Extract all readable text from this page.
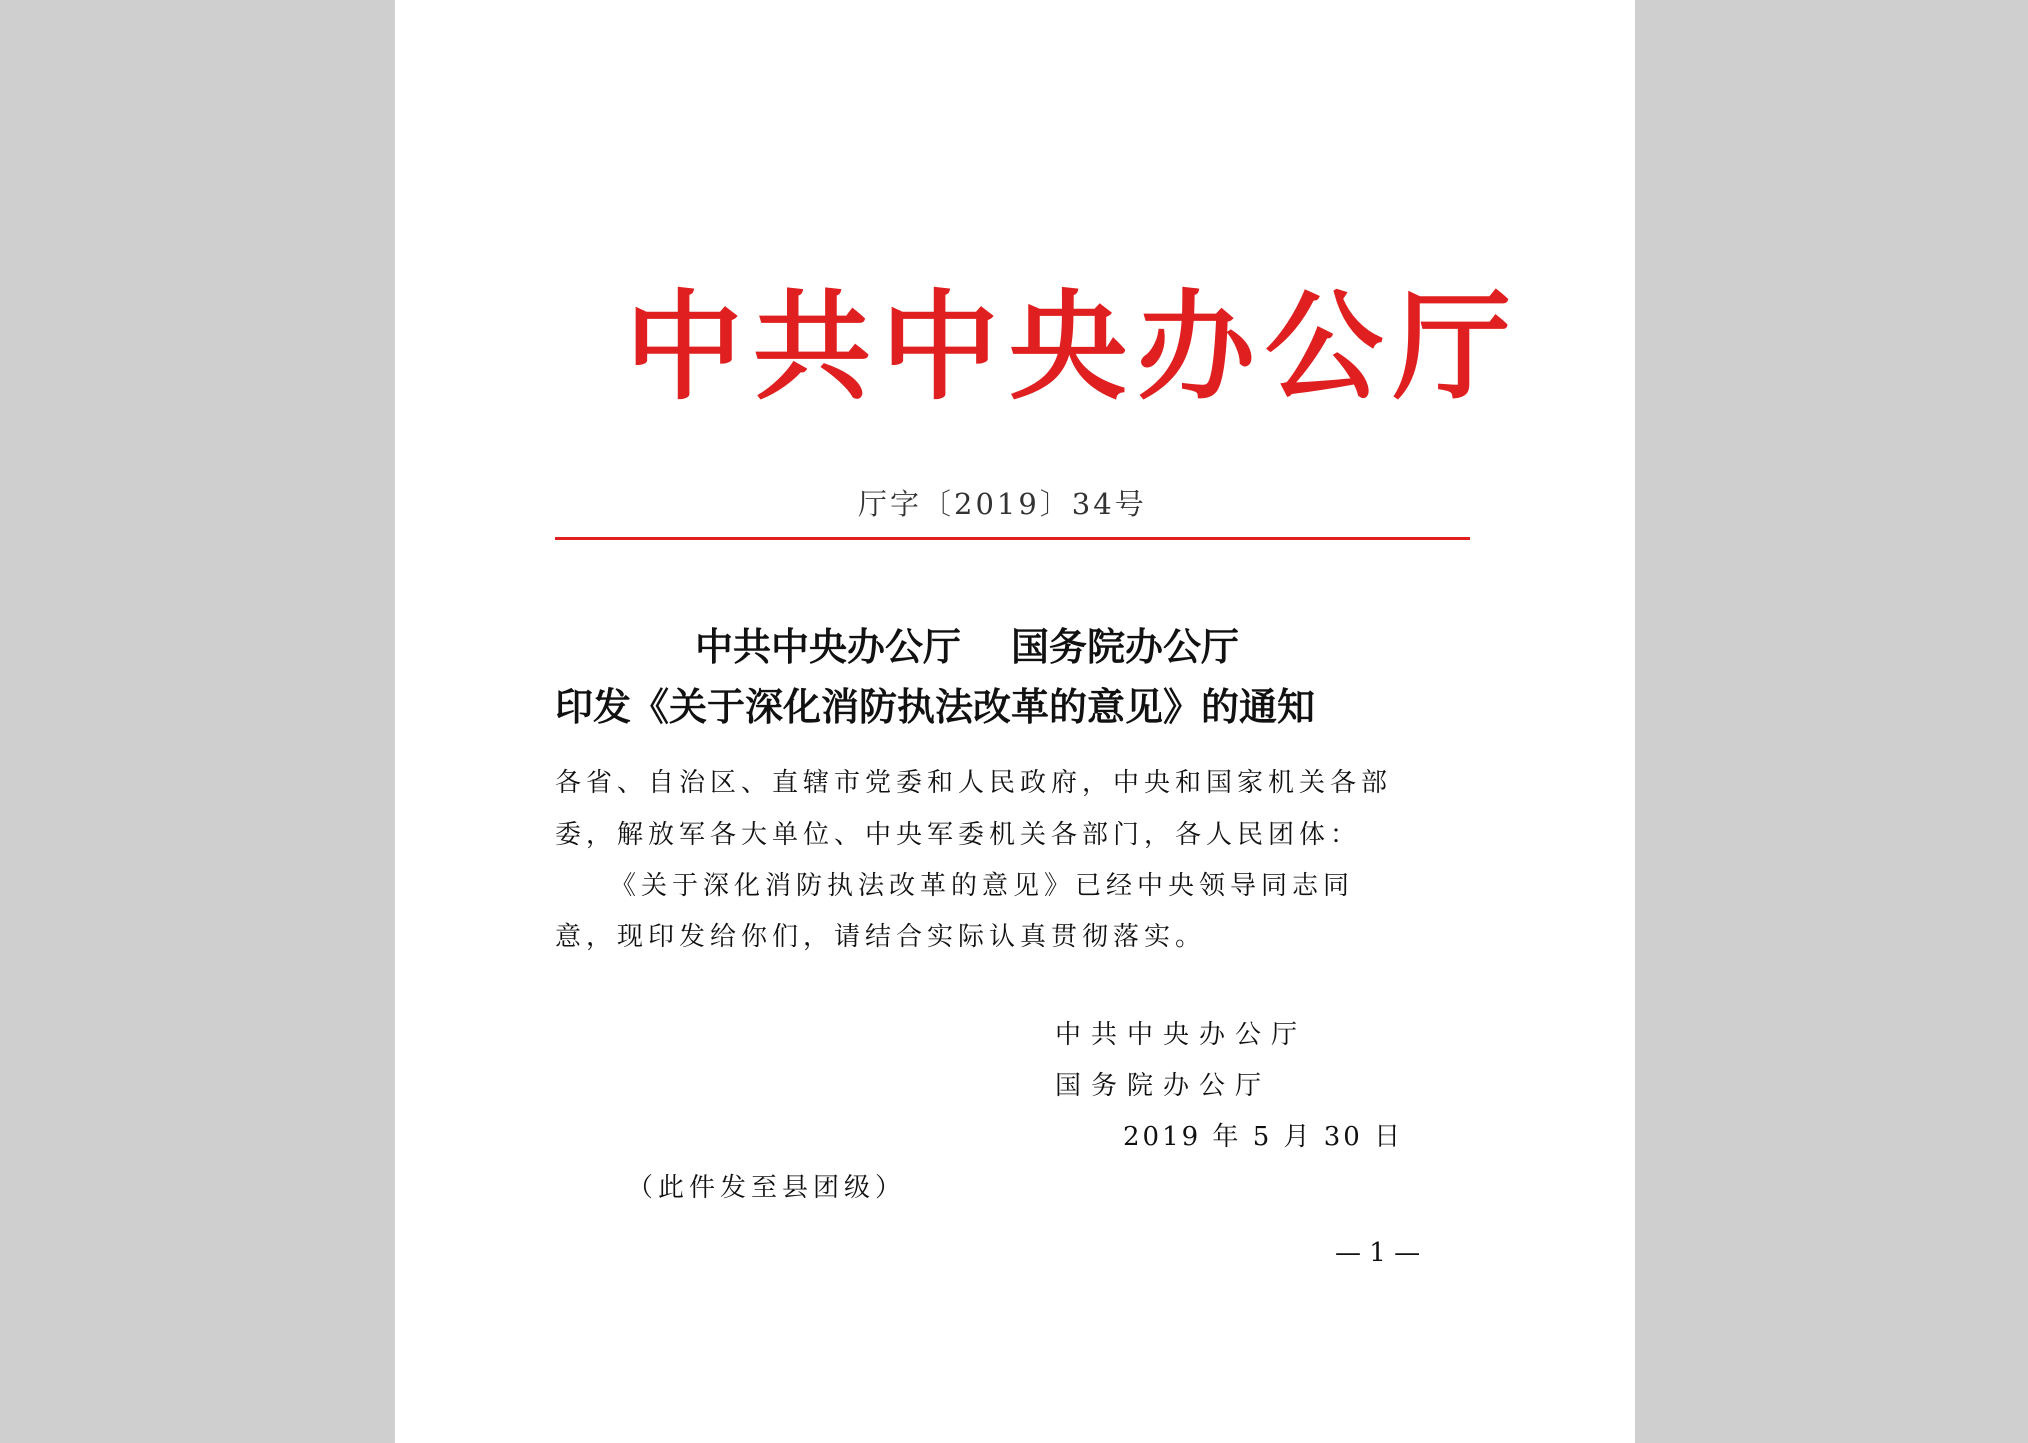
中共中央办公厅
厅字〔2019〕34号
中共中央办公厅 国务院办公厅
印发《关于深化消防执法改革的意见》的通知
各省、自治区、直辖市党委和人民政府，中央和国家机关各部
委，解放军各大单位、中央军委机关各部门，各人民团体：
《关于深化消防执法改革的意见》已经中央领导同志同
意，现印发给你们，请结合实际认真贯彻落实。
中共中央办公厅
国务院办公厅
2019 年 5 月 30 日
（此件发至县团级）
— 1 —
